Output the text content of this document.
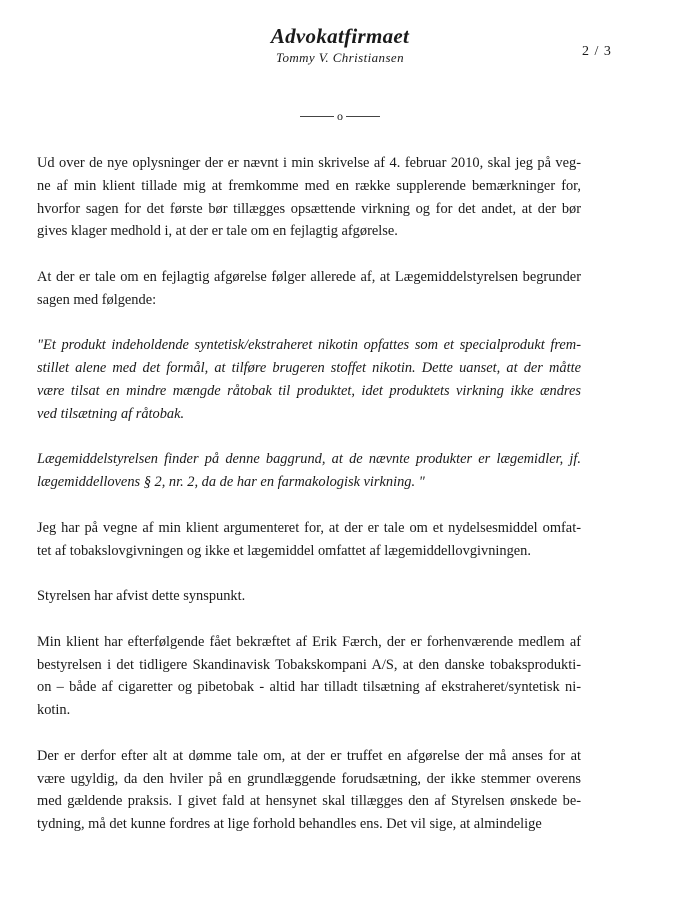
Advokatfirmaet
Tommy V. Christiansen	2 / 3
o

Ud over de nye oplysninger der er nævnt i min skrivelse af 4. februar 2010, skal jeg på veg-
ne af min klient tillade mig at fremkomme med en række supplerende bemærkninger for,
hvorfor sagen for det første bør tillægges opsættende virkning og for det andet, at der bør
gives klager medhold i, at der er tale om en fejlagtig afgørelse.

At der er tale om en fejlagtig afgørelse følger allerede af, at Lægemiddelstyrelsen begrunder
sagen med følgende:

"Et produkt indeholdende syntetisk/ekstraheret nikotin opfattes som et specialprodukt frem-
stillet alene med det formål, at tilføre brugeren stoffet nikotin. Dette uanset, at der måtte
være tilsat en mindre mængde råtobak til produktet, idet produktets virkning ikke ændres
ved tilsætning af råtobak.

Lægemiddelstyrelsen finder på denne baggrund, at de nævnte produkter er lægemidler, jf.
lægemiddellovens § 2, nr. 2, da de har en farmakologisk virkning. "

Jeg har på vegne af min klient argumenteret for, at der er tale om et nydelsesmiddel omfat-
tet af tobakslovgivningen og ikke et lægemiddel omfattet af lægemiddellovgivningen.

Styrelsen har afvist dette synspunkt.

Min klient har efterfølgende fået bekræftet af Erik Færch, der er forhenværende medlem af
bestyrelsen i det tidligere Skandinavisk Tobakskompani A/S, at den danske tobaksprodukti-
on – både af cigaretter og pibetobak - altid har tilladt tilsætning af ekstraheret/syntetisk ni-
kotin.

Der er derfor efter alt at dømme tale om, at der er truffet en afgørelse der må anses for at
være ugyldig, da den hviler på en grundlæggende forudsætning, der ikke stemmer overens
med gældende praksis. I givet fald at hensynet skal tillægges den af Styrelsen ønskede be-
tydning, må det kunne fordres at lige forhold behandles ens. Det vil sige, at almindelige
